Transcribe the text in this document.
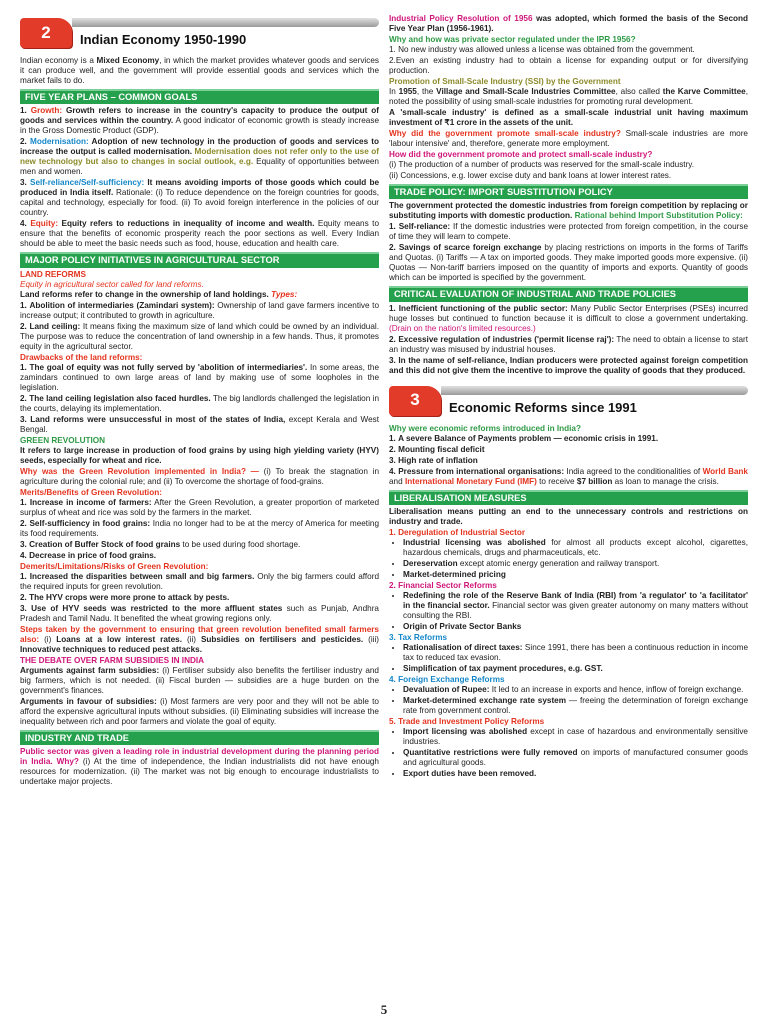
2	Indian Economy 1950-1990

Indian economy is a Mixed Economy, in which the market provides whatever goods and services it can produce well, and the government will provide essential goods and services which the market fails to do.

FIVE YEAR PLANS – COMMON GOALS
1. Growth: Growth refers to increase in the country's capacity to produce the output of goods and services within the country. A good indicator of economic growth is steady increase in the Gross Domestic Product (GDP).
2. Modernisation: Adoption of new technology in the production of goods and services to increase the output is called modernisation. Modernisation does not refer only to the use of new technology but also to changes in social outlook, e.g. Equality of opportunities between men and women.
3. Self-reliance/Self-sufficiency: It means avoiding imports of those goods which could be produced in India itself. Rationale: (i) To reduce dependence on the foreign countries for goods, capital and technology, especially for food. (ii) To avoid foreign interference in the policies of our country.
4. Equity: Equity refers to reductions in inequality of income and wealth. Equity means to ensure that the benefits of economic prosperity reach the poor sections as well. Every Indian should be able to meet the basic needs such as food, house, education and health care.
MAJOR POLICY INITIATIVES IN AGRICULTURAL SECTOR
LAND REFORMS
Equity in agricultural sector called for land reforms.

Land reforms refer to change in the ownership of land holdings. Types:

1. Abolition of intermediaries (Zamindari system): Ownership of land gave farmers incentive to increase output; it contributed to growth in agriculture.
2. Land ceiling: It means fixing the maximum size of land which could be owned by an individual. The purpose was to reduce the concentration of land ownership in a few hands. Thus, it promotes equity in the agricultural sector.
Drawbacks of the land reforms:
1. The goal of equity was not fully served by 'abolition of intermediaries'. In some areas, the zamindars continued to own large areas of land by making use of some loopholes in the legislation.
2. The land ceiling legislation also faced hurdles. The big landlords challenged the legislation in the courts, delaying its implementation.
3. Land reforms were unsuccessful in most of the states of India, except Kerala and West Bengal.
GREEN REVOLUTION

It refers to large increase in production of food grains by using high yielding variety (HYV) seeds, especially for wheat and rice.

Why was the Green Revolution implemented in India? — (i) To break the stagnation in agriculture during the colonial rule; and (ii) To overcome the shortage of food-grains.

Merits/Benefits of Green Revolution:
1. Increase in income of farmers: After the Green Revolution, a greater proportion of marketed surplus of wheat and rice was sold by the farmers in the market.
2. Self-sufficiency in food grains: India no longer had to be at the mercy of America for meeting its food requirements.
3. Creation of Buffer Stock of food grains to be used during food shortage.
4. Decrease in price of food grains.
Demerits/Limitations/Risks of Green Revolution:
1. Increased the disparities between small and big farmers. Only the big farmers could afford the required inputs for green revolution.
2. The HYV crops were more prone to attack by pests.
3. Use of HYV seeds was restricted to the more affluent states such as Punjab, Andhra Pradesh and Tamil Nadu. It benefited the wheat growing regions only.

Steps taken by the government to ensuring that green revolution benefited small farmers also: (i) Loans at a low interest rates. (ii) Subsidies on fertilisers and pesticides. (iii) Innovative techniques to reduced pest attacks.

THE DEBATE OVER FARM SUBSIDIES IN INDIA

Arguments against farm subsidies: (i) Fertiliser subsidy also benefits the fertiliser industry and big farmers, which is not needed. (ii) Fiscal burden — subsidies are a huge burden on the government's finances.

Arguments in favour of subsidies: (i) Most farmers are very poor and they will not be able to afford the expensive agricultural inputs without subsidies. (ii) Eliminating subsidies will increase the inequality between rich and poor farmers and violate the goal of equity.

INDUSTRY AND TRADE

Public sector was given a leading role in industrial development during the planning period in India. Why? (i) At the time of independence, the Indian industrialists did not have enough resources for modernization. (ii) The market was not big enough to encourage industrialists to undertake major projects.

Industrial Policy Resolution of 1956 was adopted, which formed the basis of the Second Five Year Plan (1956-1961).

Why and how was private sector regulated under the IPR 1956?

1. No new industry was allowed unless a license was obtained from the government.

2.Even an existing industry had to obtain a license for expanding output or for diversifying production.

Promotion of Small-Scale Industry (SSI) by the Government

In 1955, the Village and Small-Scale Industries Committee, also called the Karve Committee, noted the possibility of using small-scale industries for promoting rural development.

A 'small-scale industry' is defined as a small-scale industrial unit having maximum investment of ₹1 crore in the assets of the unit.

Why did the government promote small-scale industry? Small-scale industries are more 'labour intensive' and, therefore, generate more employment.

How did the government promote and protect small-scale industry?

(i) The production of a number of products was reserved for the small-scale industry.

(ii) Concessions, e.g. lower excise duty and bank loans at lower interest rates.

TRADE POLICY: IMPORT SUBSTITUTION POLICY

The government protected the domestic industries from foreign competition by replacing or substituting imports with domestic production. Rational behind Import Substitution Policy:

1. Self-reliance: If the domestic industries were protected from foreign competition, in the course of time they will learn to compete.
2. Savings of scarce foreign exchange by placing restrictions on imports in the forms of Tariffs and Quotas. (i) Tariffs — A tax on imported goods. They make imported goods more expensive. (ii) Quotas — Non-tariff barriers imposed on the quantity of imports and exports. Quantity of goods which can be imported is specified by the government.
CRITICAL EVALUATION OF INDUSTRIAL AND TRADE POLICIES
1. Inefficient functioning of the public sector: Many Public Sector Enterprises (PSEs) incurred huge losses but continued to function because it is difficult to close a government undertaking. (Drain on the nation's limited resources.)
2. Excessive regulation of industries ('permit license raj'): The need to obtain a license to start an industry was misused by industrial houses.
3. In the name of self-reliance, Indian producers were protected against foreign competition and this did not give them the incentive to improve the quality of goods that they produced.
3	Economic Reforms since 1991
Why were economic reforms introduced in India?
1. A severe Balance of Payments problem — economic crisis in 1991.
2. Mounting fiscal deficit
3. High rate of inflation
4. Pressure from international organisations: India agreed to the conditionalities of World Bank and International Monetary Fund (IMF) to receive $7 billion as loan to manage the crisis.
LIBERALISATION MEASURES

Liberalisation means putting an end to the unnecessary controls and restrictions on industry and trade.

1. Deregulation of Industrial Sector
• Industrial licensing was abolished for almost all products except alcohol, cigarettes, hazardous chemicals, drugs and pharmaceuticals, etc.
• Dereservation except atomic energy generation and railway transport.
• Market-determined pricing
2. Financial Sector Reforms
• Redefining the role of the Reserve Bank of India (RBI) from 'a regulator' to 'a facilitator' in the financial sector. Financial sector was given greater autonomy on many matters without consulting the RBI.
• Origin of Private Sector Banks
3. Tax Reforms
• Rationalisation of direct taxes: Since 1991, there has been a continuous reduction in income tax to reduced tax evasion.
• Simplification of tax payment procedures, e.g. GST.
4. Foreign Exchange Reforms
• Devaluation of Rupee: It led to an increase in exports and hence, inflow of foreign exchange.
• Market-determined exchange rate system — freeing the determination of foreign exchange rate from government control.
5. Trade and Investment Policy Reforms
• Import licensing was abolished except in case of hazardous and environmentally sensitive industries.
• Quantitative restrictions were fully removed on imports of manufactured consumer goods and agricultural goods.
• Export duties have been removed.
5
